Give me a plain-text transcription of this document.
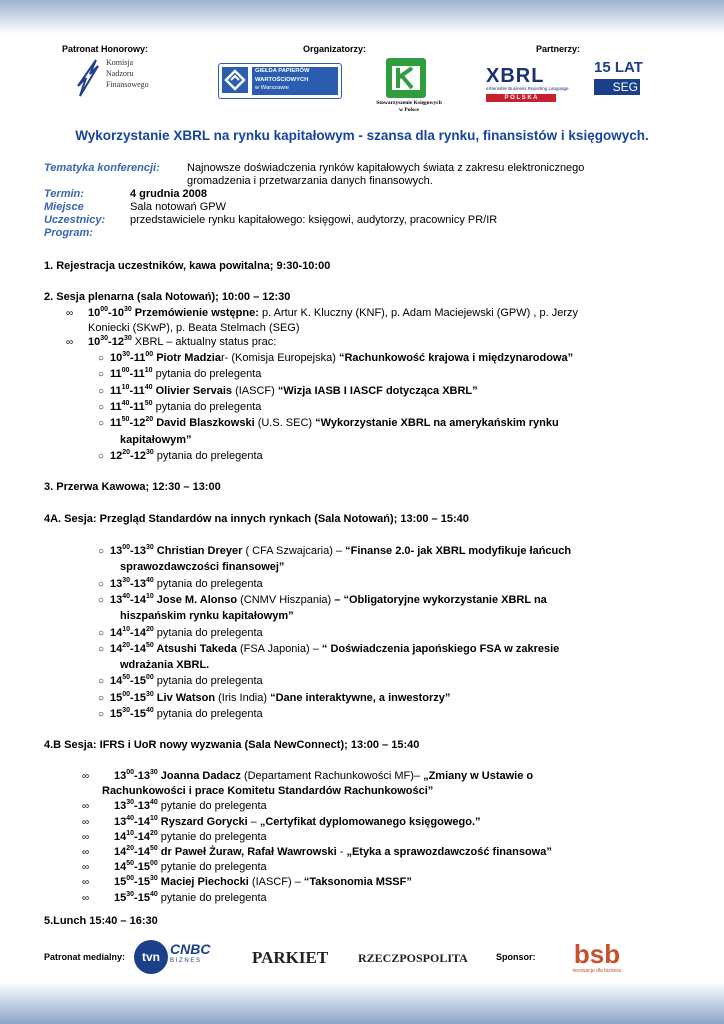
Patronat Honorowy:	Organizatorzy:	Partnerzy:
Komisja
Nadzoru
Finansowego
GIEŁDA PAPIERÓW
WARTOŚCIOWYCH
w Warszawie
Stowarzyszenie Księgowych
w Polsce
XBRL
eXtensible Business Reporting Language
P O L S K A
15 LAT
SEG
Wykorzystanie XBRL na rynku kapitałowym - szansa dla rynku, finansistów i księgowych.
Tematyka konferencji: Najnowsze doświadczenia rynków kapitałowych świata z zakresu elektronicznego
gromadzenia i przetwarzania danych finansowych.
Termin:	4 grudnia 2008
Miejsce	Sala notowań GPW
Uczestnicy: przedstawiciele rynku kapitałowego: księgowi, audytorzy, pracownicy PR/IR
Program:
1. Rejestracja uczestników, kawa powitalna; 9:30-10:00
2. Sesja plenarna (sala Notowań); 10:00 – 12:30
∞ $10^{00}-10^{30}$ Przemówienie wstępne: p. Artur K. Kluczny (KNF), p. Adam Maciejewski (GPW) , p. Jerzy
Koniecki (SKwP), p. Beata Stelmach (SEG)
∞ $10^{30}-12^{30}$ XBRL – aktualny status prac:
○ $10^{30}-11^{00}$ Piotr Madziar- (Komisja Europejska) “Rachunkowość krajowa i międzynarodowa”
○ $11^{00}-11^{10}$ pytania do prelegenta
○ $11^{10}-11^{40}$ Olivier Servais (IASCF) “Wizja IASB I IASCF dotycząca XBRL”
○ $11^{40}-11^{50}$ pytania do prelegenta
○ $11^{50}-12^{20}$ David Blaszkowski (U.S. SEC) “Wykorzystanie XBRL na amerykańskim rynku
kapitałowym”
○ $12^{20}-12^{30}$ pytania do prelegenta
3. Przerwa Kawowa; 12:30 – 13:00
4A. Sesja: Przegląd Standardów na innych rynkach (Sala Notowań); 13:00 – 15:40
○ $13^{00}-13^{30}$ Christian Dreyer ( CFA Szwajcaria) – “Finanse 2.0- jak XBRL modyfikuje łańcuch
sprawozdawczości finansowej”
○ $13^{30}-13^{40}$ pytania do prelegenta
○ $13^{40}-14^{10}$ Jose M. Alonso (CNMV Hiszpania) – “Obligatoryjne wykorzystanie XBRL na
hiszpańskim rynku kapitałowym”
○ $14^{10}-14^{20}$ pytania do prelegenta
○ $14^{20}-14^{50}$ Atsushi Takeda (FSA Japonia) – “ Doświadczenia japońskiego FSA w zakresie
wdrażania XBRL.
○ $14^{50}-15^{00}$ pytania do prelegenta
○ $15^{00}-15^{30}$ Liv Watson (Iris India) “Dane interaktywne, a inwestorzy”
○ $15^{30}-15^{40}$ pytania do prelegenta
4.B Sesja: IFRS i UoR nowy wyzwania (Sala NewConnect); 13:00 – 15:40
∞ $13^{00}-13^{30}$ Joanna Dadacz (Departament Rachunkowości MF)– „Zmiany w Ustawie o
Rachunkowości i prace Komitetu Standardów Rachunkowości”
∞ $13^{30}-13^{40}$ pytanie do prelegenta
∞ $13^{40}-14^{10}$ Ryszard Gorycki – „Certyfikat dyplomowanego księgowego.”
∞ $14^{10}-14^{20}$ pytanie do prelegenta
∞ $14^{20}-14^{50}$ dr Paweł Żuraw, Rafał Wawrowski - „Etyka a sprawozdawczość finansowa”
∞ $14^{50}-15^{00}$ pytanie do prelegenta
∞ $15^{00}-15^{30}$ Maciej Piechocki (IASCF) – “Taksonomia MSSF”
∞ $15^{30}-15^{40}$ pytanie do prelegenta
5.Lunch 15:40 – 16:30
Patronat medialny:	tvn CNBC
B I Z N E S	PARKIET RZECZPOSPOLITA	Sponsor:	bsb
innowacje dla biznesu
